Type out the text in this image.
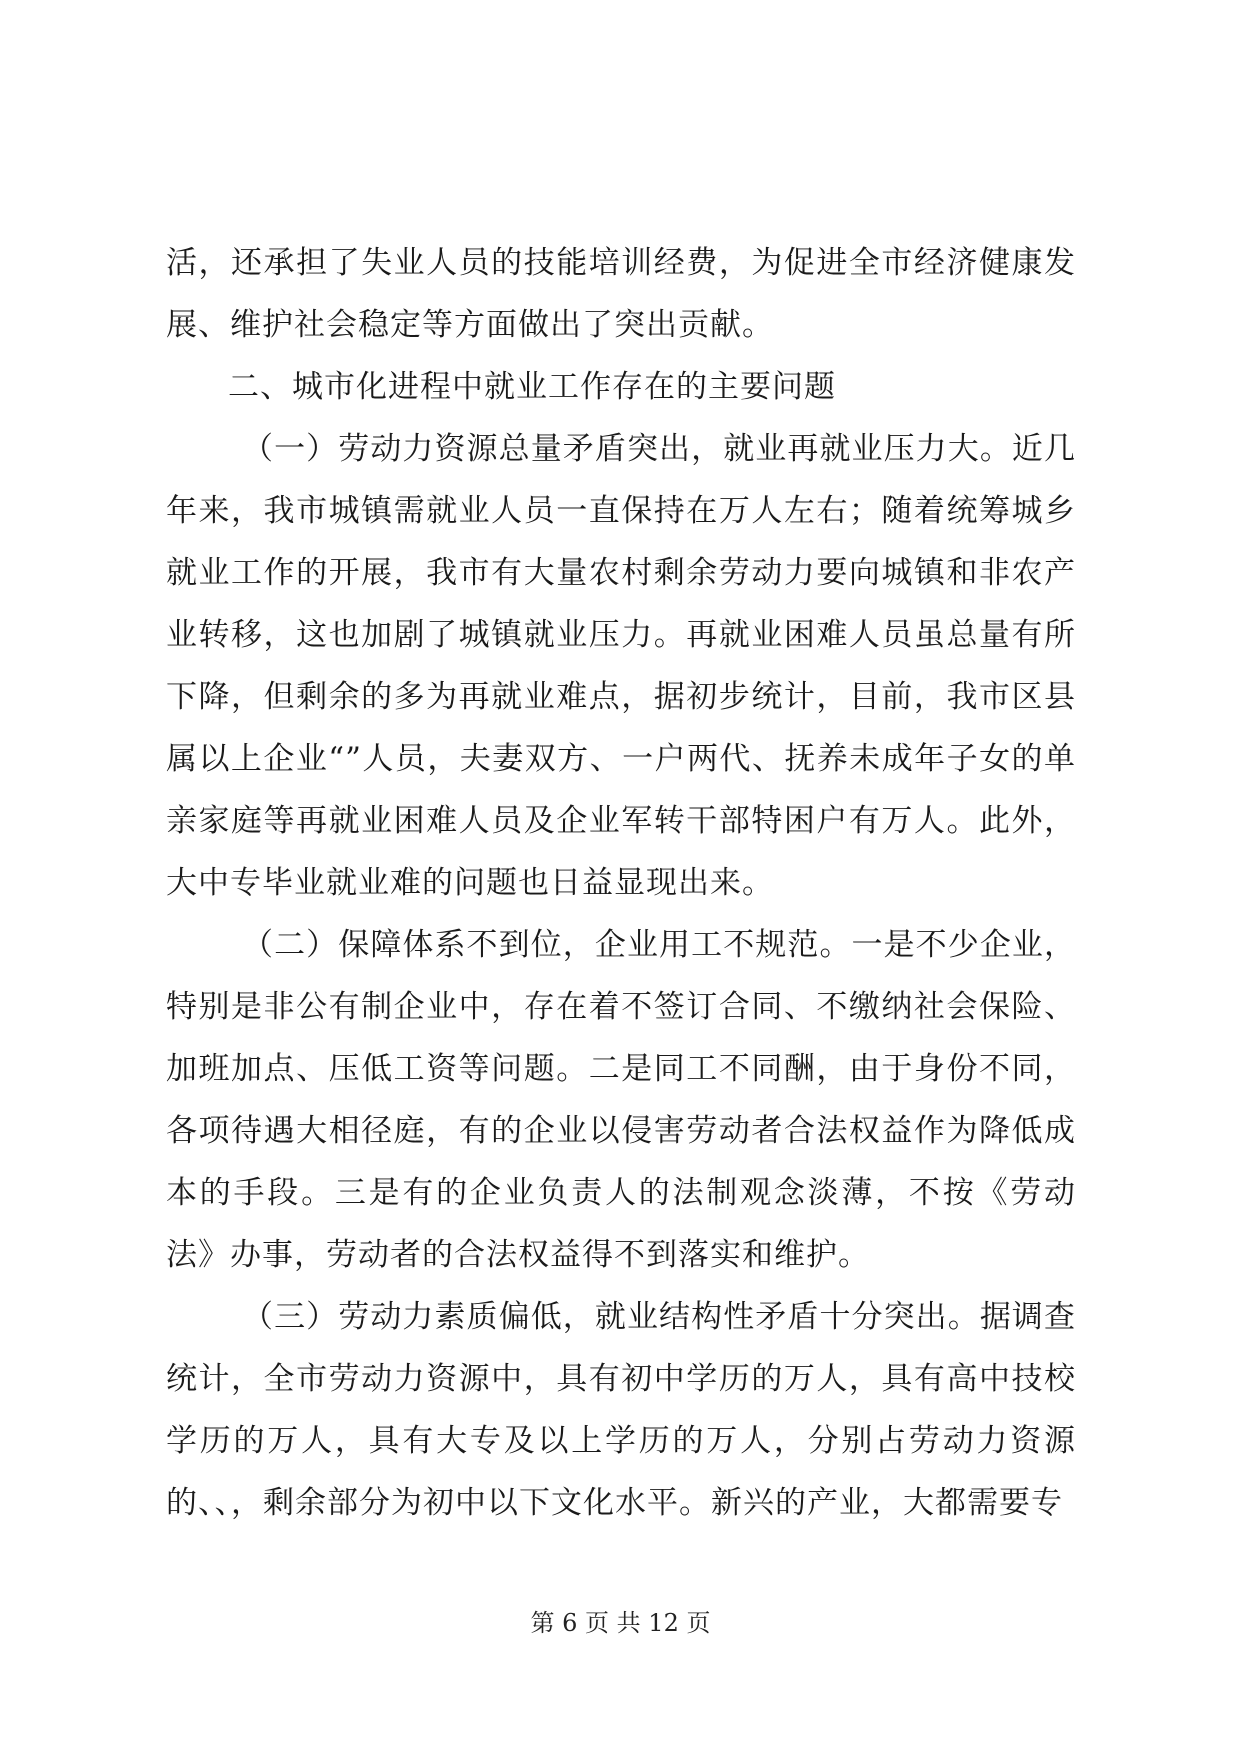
活，还承担了失业人员的技能培训经费，为促进全市经济健康发展、维护社会稳定等方面做出了突出贡献。

二、城市化进程中就业工作存在的主要问题

（一）劳动力资源总量矛盾突出，就业再就业压力大。近几年来，我市城镇需就业人员一直保持在万人左右；随着统筹城乡就业工作的开展，我市有大量农村剩余劳动力要向城镇和非农产业转移，这也加剧了城镇就业压力。再就业困难人员虽总量有所下降，但剩余的多为再就业难点，据初步统计，目前，我市区县属以上企业“”人员，夫妻双方、一户两代、抚养未成年子女的单亲家庭等再就业困难人员及企业军转干部特困户有万人。此外，大中专毕业就业难的问题也日益显现出来。

（二）保障体系不到位，企业用工不规范。一是不少企业，特别是非公有制企业中，存在着不签订合同、不缴纳社会保险、加班加点、压低工资等问题。二是同工不同酬，由于身份不同，各项待遇大相径庭，有的企业以侵害劳动者合法权益作为降低成本的手段。三是有的企业负责人的法制观念淡薄，不按《劳动法》办事，劳动者的合法权益得不到落实和维护。

（三）劳动力素质偏低，就业结构性矛盾十分突出。据调查统计，全市劳动力资源中，具有初中学历的万人，具有高中技校学历的万人，具有大专及以上学历的万人，分别占劳动力资源的、、，剩余部分为初中以下文化水平。新兴的产业，大都需要专

第 6 页 共 12 页
